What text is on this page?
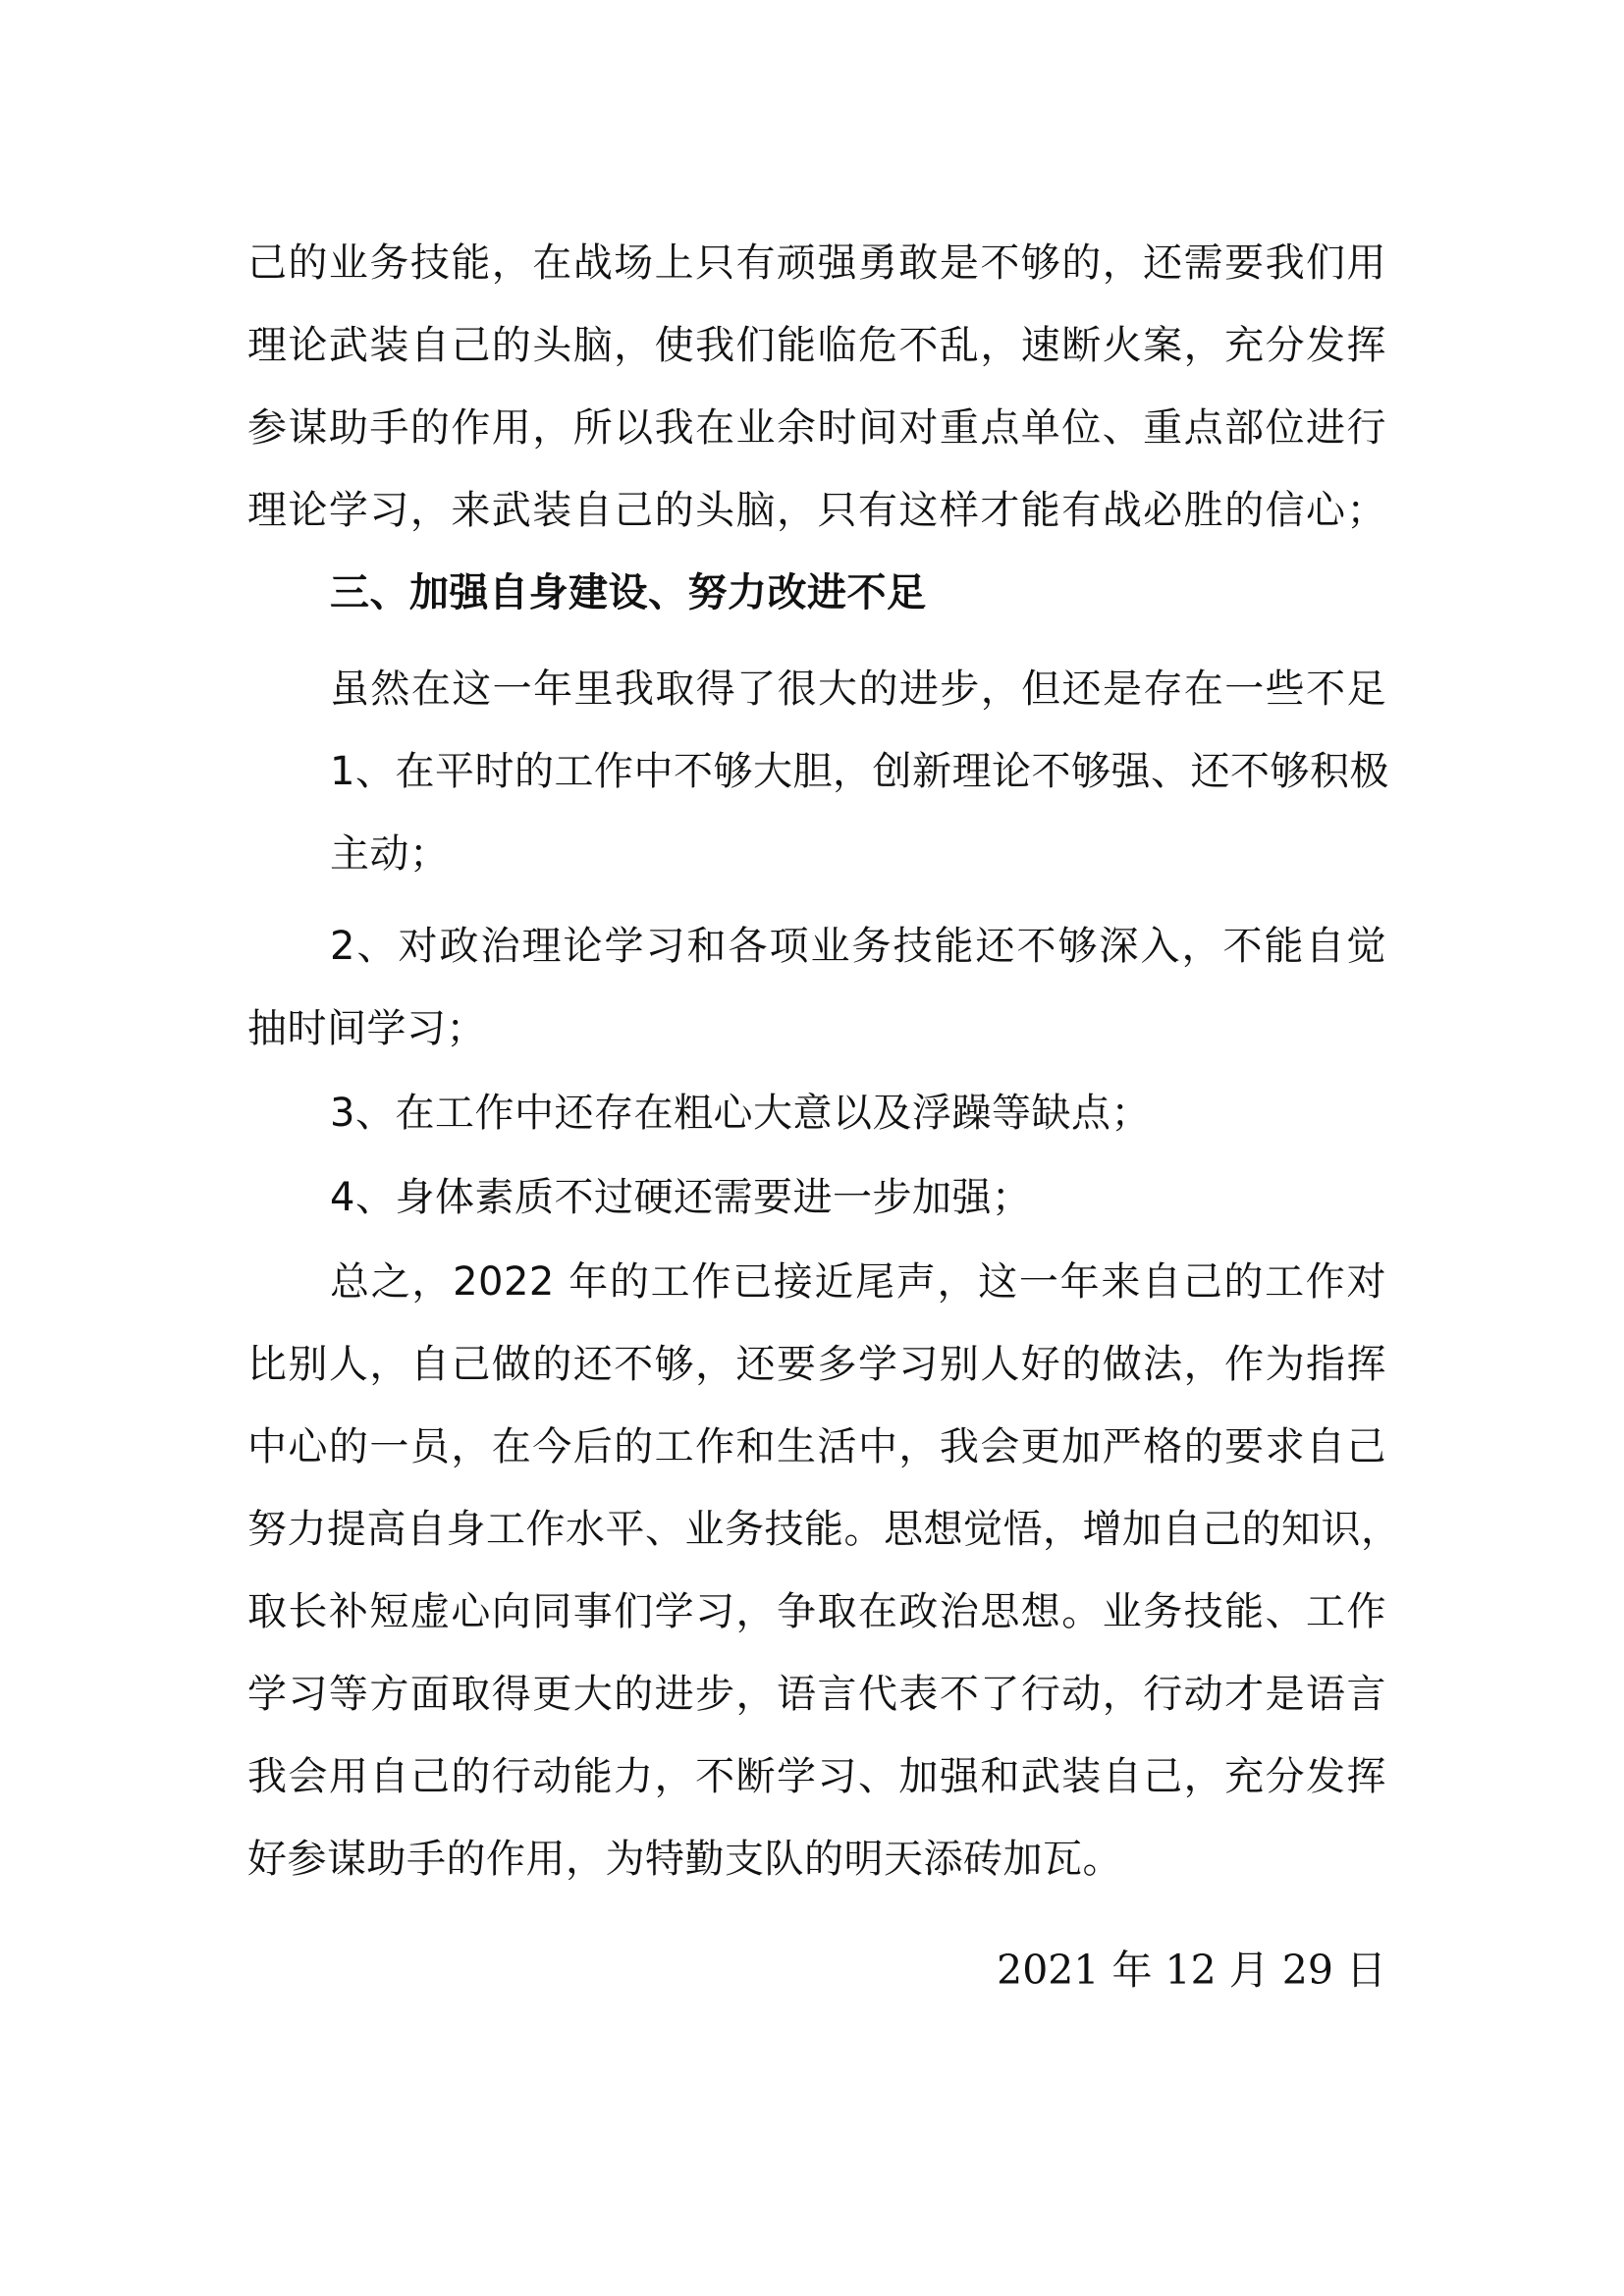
己的业务技能，在战场上只有顽强勇敢是不够的，还需要我们用
理论武装自己的头脑，使我们能临危不乱，速断火案，充分发挥
参谋助手的作用，所以我在业余时间对重点单位、重点部位进行
理论学习，来武装自己的头脑，只有这样才能有战必胜的信心；
三、加强自身建设、努力改进不足
虽然在这一年里我取得了很大的进步，但还是存在一些不足
1、在平时的工作中不够大胆，创新理论不够强、还不够积极
主动；
2、对政治理论学习和各项业务技能还不够深入，不能自觉
抽时间学习；
3、在工作中还存在粗心大意以及浮躁等缺点；
4、身体素质不过硬还需要进一步加强；
总之，2022 年的工作已接近尾声，这一年来自己的工作对
比别人，自己做的还不够，还要多学习别人好的做法，作为指挥
中心的一员，在今后的工作和生活中，我会更加严格的要求自己
努力提高自身工作水平、业务技能。思想觉悟，增加自己的知识，
取长补短虚心向同事们学习，争取在政治思想。业务技能、工作
学习等方面取得更大的进步，语言代表不了行动，行动才是语言
我会用自己的行动能力，不断学习、加强和武装自己，充分发挥
好参谋助手的作用，为特勤支队的明天添砖加瓦。
2021 年 12 月 29 日
